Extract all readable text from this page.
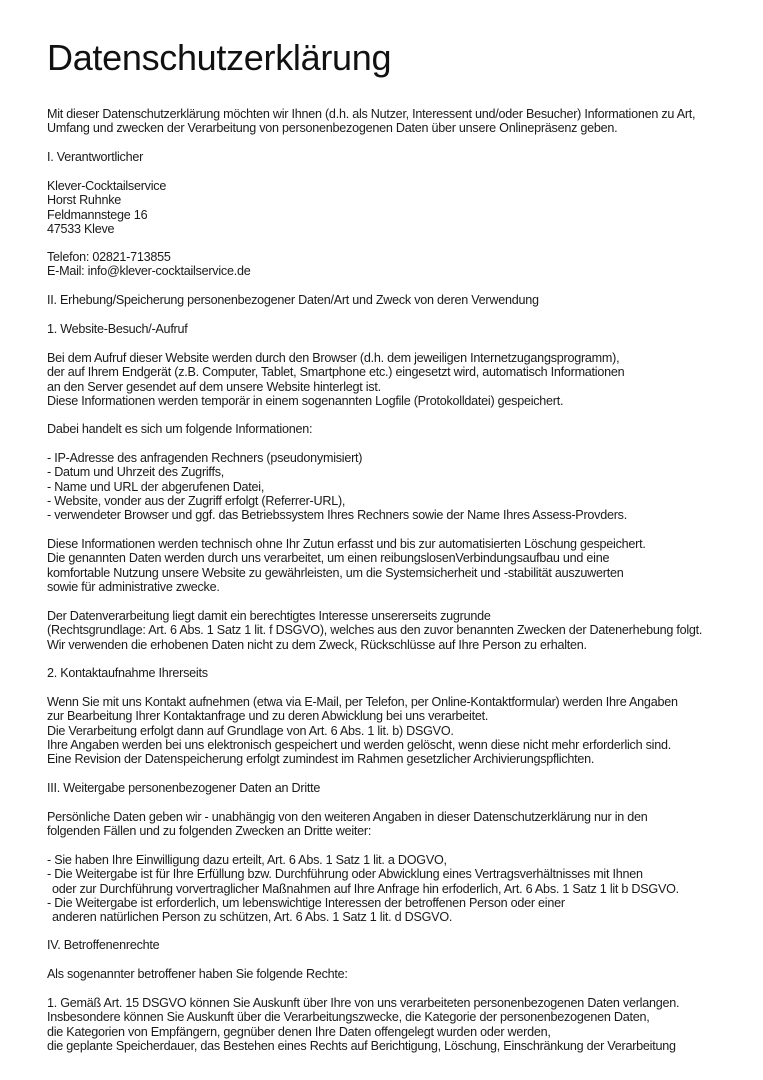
Datenschutzerklärung

Mit dieser Datenschutzerklärung möchten wir Ihnen (d.h. als Nutzer, Interessent und/oder Besucher) Informationen zu Art,
Umfang und zwecken der Verarbeitung von personenbezogenen Daten über unsere Onlinepräsenz geben.

I. Verantwortlicher

Klever-Cocktailservice
Horst Ruhnke
Feldmannstege 16
47533 Kleve

Telefon: 02821-713855
E-Mail: info@klever-cocktailservice.de

II. Erhebung/Speicherung personenbezogener Daten/Art und Zweck von deren Verwendung

1. Website-Besuch/-Aufruf

Bei dem Aufruf dieser Website werden durch den Browser (d.h. dem jeweiligen Internetzugangsprogramm),
der auf Ihrem Endgerät (z.B. Computer, Tablet, Smartphone etc.) eingesetzt wird, automatisch Informationen
an den Server gesendet auf dem unsere Website hinterlegt ist.
Diese Informationen werden temporär in einem sogenannten Logfile (Protokolldatei) gespeichert.

Dabei handelt es sich um folgende Informationen:

- IP-Adresse des anfragenden Rechners (pseudonymisiert)
- Datum und Uhrzeit des Zugriffs,
- Name und URL der abgerufenen Datei,
- Website, vonder aus der Zugriff erfolgt (Referrer-URL),
- verwendeter Browser und ggf. das Betriebssystem Ihres Rechners sowie der Name Ihres Assess-Provders.

Diese Informationen werden technisch ohne Ihr Zutun erfasst und bis zur automatisierten Löschung gespeichert.
Die genannten Daten werden durch uns verarbeitet, um einen reibungslosenVerbindungsaufbau und eine
komfortable Nutzung unsere Website zu gewährleisten, um die Systemsicherheit und -stabilität auszuwerten
sowie für administrative zwecke.

Der Datenverarbeitung liegt damit ein berechtigtes Interesse unsererseits zugrunde
(Rechtsgrundlage: Art. 6 Abs. 1 Satz 1 lit. f DSGVO), welches aus den zuvor benannten Zwecken der Datenerhebung folgt.
Wir verwenden die erhobenen Daten nicht zu dem Zweck, Rückschlüsse auf Ihre Person zu erhalten.

2. Kontaktaufnahme Ihrerseits

Wenn Sie mit uns Kontakt aufnehmen (etwa via E-Mail, per Telefon, per Online-Kontaktformular) werden Ihre Angaben
zur Bearbeitung Ihrer Kontaktanfrage und zu deren Abwicklung bei uns verarbeitet.
Die Verarbeitung erfolgt dann auf Grundlage von Art. 6 Abs. 1 lit. b) DSGVO.
Ihre Angaben werden bei uns elektronisch gespeichert und werden gelöscht, wenn diese nicht mehr erforderlich sind.
Eine Revision der Datenspeicherung erfolgt zumindest im Rahmen gesetzlicher Archivierungspflichten.

III. Weitergabe personenbezogener Daten an Dritte

Persönliche Daten geben wir - unabhängig von den weiteren Angaben in dieser Datenschutzerklärung nur in den
folgenden Fällen und zu folgenden Zwecken an Dritte weiter:

- Sie haben Ihre Einwilligung dazu erteilt, Art. 6 Abs. 1 Satz 1 lit. a DOGVO,
- Die Weitergabe ist für Ihre Erfüllung bzw. Durchführung oder Abwicklung eines Vertragsverhältnisses mit Ihnen
oder zur Durchführung vorvertraglicher Maßnahmen auf Ihre Anfrage hin erfoderlich, Art. 6 Abs. 1 Satz 1 lit b DSGVO.
- Die Weitergabe ist erforderlich, um lebenswichtige Interessen der betroffenen Person oder einer
anderen natürlichen Person zu schützen, Art. 6 Abs. 1 Satz 1 lit. d DSGVO.

IV. Betroffenenrechte

Als sogenannter betroffener haben Sie folgende Rechte:

1. Gemäß Art. 15 DSGVO können Sie Auskunft über Ihre von uns verarbeiteten personenbezogenen Daten verlangen.
Insbesondere können Sie Auskunft über die Verarbeitungszwecke, die Kategorie der personenbezogenen Daten,
die Kategorien von Empfängern, gegnüber denen Ihre Daten offengelegt wurden oder werden,
die geplante Speicherdauer, das Bestehen eines Rechts auf Berichtigung, Löschung, Einschränkung der Verarbeitung
